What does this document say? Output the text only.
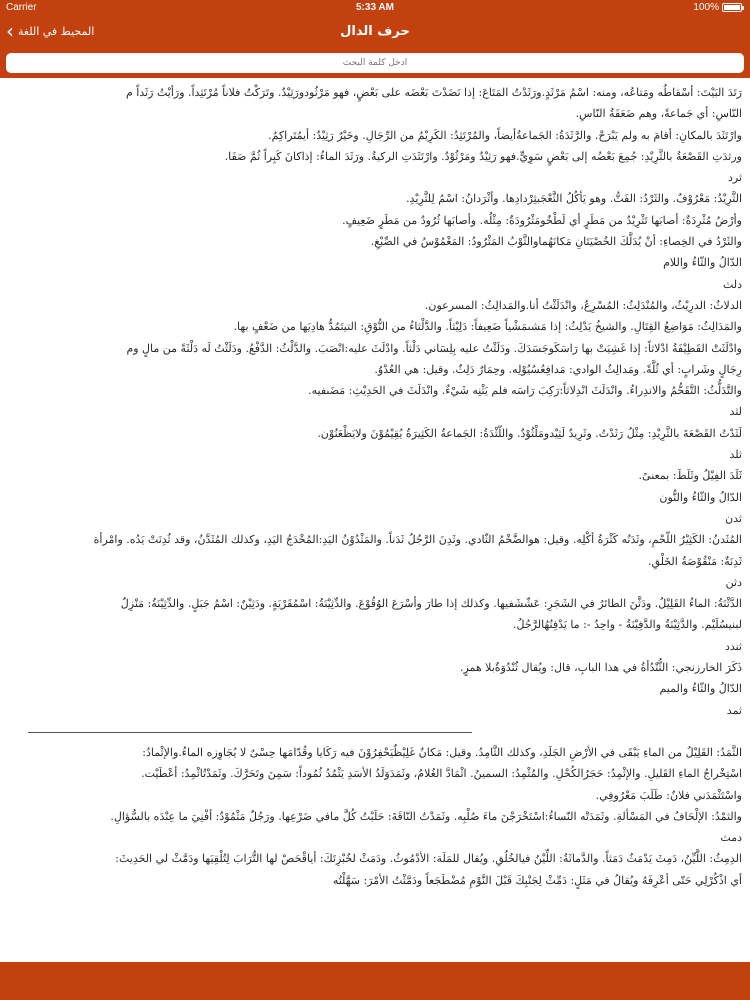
Carrier	5:33 AM	100%
‹ المحيط في اللغة	حرف الدال
ادخل كلمة البحث

رَتَدَ البَيْتَ: أسْقاطُه ومَتاعُه، ومنه: اسْمُ مَرْثَدٍ.ورَثَدْتُ المَتَاعَ: إذا نَضَدْتَ بَعْضَه على بَعْضٍ، فهو مَرْثُودورَثِيْدٌ. وتَرَكْتُ فلاناً مُرْتَثِداً. ورَأيْتُ رَثَداً م

النّاسِ: أي جَماعةً، وهم ضَعَفَةُ النّاسِ.

وارْتَثَدَ بالمكانِ: أقامَ به ولم يَبْرَحْ. والرَّثَدَةُ: الجَماعةُأيضاً، والمُرْتَثِدُ: الكَرِيْمُ من الرِّجَالِ. وخَيْرٌ رَثِيْدٌ: أيمُتَراكِمٌ.

ورثدَتِ القَصْعَةُ بالثَّرِيْدِ: جُمِعَ بَعْضُه إلى بَعْضٍ سَوِيٍّ.فهو رَثِيْدٌ ومَرْثُوْدٌ. وارْتَثَدَتِ الركيةُ. ورَثَدَ الماءُ: إذاكانَ كَبِراً ثُمَّ صَفَا.

ثرد

الثَّرِيْدُ: مَعْرُوْفٌ. والثَرْدُ: الفَتُّ. وهو يَأكُلُ الثَّعْجَبثِرْدادِها. وأثْرَدانُ: اسْمُ لِلثَّرِيْدِ.

وأرْضُ مُثْرِدَةٌ: أصابَها تَثْرِيْدٌ من مَطَرٍ أي لَطْخٌومَثْرُودَةٌ: مِثْلُه. وأصابَها ثُرُودٌ من مَطَرٍ ضَعِيفٍ.

والثَرْدُ في الخِصاءِ: أنْ يُدَلَّكَ الخُصْيَتَانِ مَكانَهُماوالثَّوْبُ المَثْرُودُ: المَغْمُوْسُ في الصِّبْغِ.

الدّالُ والثّاءُ واللام

دلث

الدلاثُ: الدرِيْثُ، والمُنْدَلِثُ: المُسْرِعُ، وانْدَلَثْتُ أنا.والمَدالِثُ: المسرعون.

والمَدَالِثُ: مَوَاضِعُ القِتَالِ. والشيخُ يَدْلِثُ: إذا مَشىمَشْياً ضَعِيفاً: دَلِيْثاً. والدَّلْثاءُ من النُّوْقِ: التيتَمُدُّ هادِيَها من ضَعْفٍ بها.

وادْلَثَتْ القَطِيْفَةُ ادْلاثاً: إذا غَشِيَتْ بها رَاسَكَوجَسَدَكَ. ودَلَثْتُ عليه بِلِسَاني دَلْثاً. وادْلَثَ عليه:انْصَبَ. والدَّلْثُ: الدَّفْعُ. ودَلَثْتُ لَه دَلْثَةً من مالٍ وم

رِجَالٍ وشَرابٍ: أي ثُلَّةً. ومَدالِثُ الوادي: مَدافِعُسُيُوْلِه. وحِمَارٌ دَلِثٌ. وقيل: هي العُدْوُ.

والتَّدَلُّثُ: التَّقَحُّمُ والاندِراءُ. وانْدَلَثَ انْدِلاثاً:رَكِبَ رَاسَه فلم يَثْنِه شَيْءٌ. وانْدَلَثَ في الحَدِيْثِ: مَضَىفيه.

لثد

لَثَدْتُ القَصْعَةَ بالثَّرِيْدِ: مِثْلُ رَثَدْتُ. وثَرِيدٌ لَثِيْدومَلْثُوْدٌ. واللّثْدَةُ: الجَماعةُ الكَثِيرَةُ يُقِيْمُوْنَ ولايَظْعَنُوْن.

ثلد

ثَلَدَ الفِيْلُ وثَلَطَ: بمعنىً.

الدّالُ والثّاءُ والنُّون

ثدن

المُثَدنُ: الكَثِيْرُ اللّحْمِ، وثَدَنُه كَثْرَةُ أكْلِه. وقيل: هوالضَّخْمُ الثّادي. وثَدِنَ الرَّجُلُ ثَدَناً. والمَثْدُوْنُ اليَدِ:المُخْدَجُ اليَدِ، وكذلك المُثَدَّنُ، وقد ثُدِنَتْ يَدُه. وامْرأة

ثَدِنَةٌ: مَنْقُوْصَةُ الخَلْقِ.

دثن

الدَّثْنَةُ: الماءُ القَلِيْلُ. ودَثَّنَ الطائرُ في الشَجَرِ: عَشّشَفيها. وكذلك إذا طارَ وأسْرَعَ الوُقُوْعَ. والدِّثِيْنَةُ: اسْمُقَرْيَةٍ. ودَثِيْنٌ: اسْمُ جَبَلٍ. والدِّثِيْنَةُ: مَنْزِلٌ

لبنيسُلَيْم. والدَّثِيْنَةُ والدَّفِيْنَةُ - واحِدٌ -: ما يَدْفِنُهُالرَّجُلُ.

ثندد

ذَكَرَ الخارزنجي: الثُّنْدُأةُ في هذا البابِ، قال: ويُقال ثُنْدُوَةٌبلا همزٍ.

الدّالُ والثّاءُ والميم

ثمد

الثَّمَدُ: القَلِيْلُ من الماءِ يَبْقَى في الأرْضِ الجَلَدِ، وكذلك الثَّامِدُ. وقيل: مَكانٌ غَلِيْظٌيَحْفِرُوْنَ فيه رَكَايا وقُدّامَها حِسْىٌ لا يُجَاوِزه الماءُ.والإثْمادُ:

اسْتِخْراجُ الماءِ القَليلِ. والإثْمِدُ: حَجَرُالكُحْلِ. والمُثْمِدُ: السمينُ. اثْمَادَّ الغُلامُ، وثَمَدَوَلَدُ الأسَدِ يَثْمُدُ ثُمُوداً: سَمِنَ وتَحَرَّكَ. وثَمَدْتُاثْمِدُ: أعْطَيْت.

واسْتَثْمَدَني فلانٌ: طَلَبَ مَعْرُوفِي.

والثمْدُ: الإلْحَافُ في المَسْألةِ. وثَمَدَتْه النّساءُ:اسْتَخْرَجْنَ ماءَ صُلْبِه. وثَمَدْتُ النّاقَةَ: حَلَبْتُ كُلَّ مافي ضَرْعِها. ورَجُلٌ مَثْمُوْدٌ: أفْنِيَ ما عِنْدَه بالسُّؤالِ.

دمث

الدِمِثُ: اللَّيِّنُ، دَمِثَ يَدْمَثُ دَمَثاً. والدَّماثَةُ: اللِّيْنُ فيالخُلُقِ. ويُقال للمَلَة: الأدْمُوثُ. ودَمَثْ لخُبْزِتَكَ: أياقْحَصْ لها التُّرَابَ لِتُلْقِيَها ودَمَّثْ لي الحَدِيثَ:

أي اذْكُرْلِي حَتّى أعْرِفَهُ ويُقالُ في مَثَلٍ: دَمِّثْ لِجَنْبِكَ قَبْلَ النَّوْمِ مُضْطَجَعاً ودَمَّثْتُ الأمْرَ: سَهَّلْتُه
